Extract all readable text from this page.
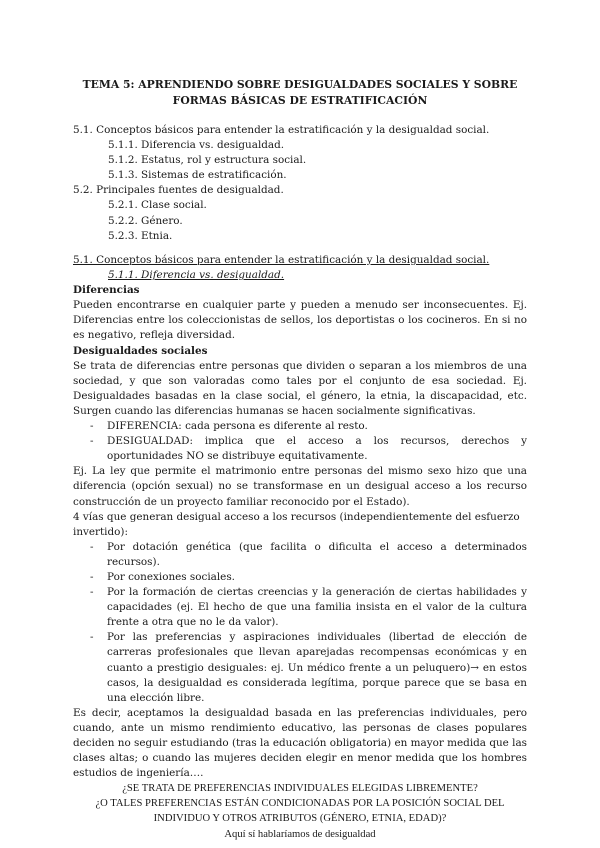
TEMA 5: APRENDIENDO SOBRE DESIGUALDADES SOCIALES Y SOBRE FORMAS BÁSICAS DE ESTRATIFICACIÓN
5.1. Conceptos básicos para entender la estratificación y la desigualdad social.
5.1.1. Diferencia vs. desigualdad.
5.1.2. Estatus, rol y estructura social.
5.1.3. Sistemas de estratificación.
5.2. Principales fuentes de desigualdad.
5.2.1. Clase social.
5.2.2. Género.
5.2.3. Etnia.
5.1. Conceptos básicos para entender la estratificación y la desigualdad social.
5.1.1. Diferencia vs. desigualdad.
Diferencias
Pueden encontrarse en cualquier parte y pueden a menudo ser inconsecuentes. Ej. Diferencias entre los coleccionistas de sellos, los deportistas o los cocineros. En si no es negativo, refleja diversidad.
Desigualdades sociales
Se trata de diferencias entre personas que dividen o separan a los miembros de una sociedad, y que son valoradas como tales por el conjunto de esa sociedad. Ej. Desigualdades basadas en la clase social, el género, la etnia, la discapacidad, etc. Surgen cuando las diferencias humanas se hacen socialmente significativas.
- DIFERENCIA: cada persona es diferente al resto.
- DESIGUALDAD: implica que el acceso a los recursos, derechos y oportunidades NO se distribuye equitativamente.
Ej. La ley que permite el matrimonio entre personas del mismo sexo hizo que una diferencia (opción sexual) no se transformase en un desigual acceso a los recurso construcción de un proyecto familiar reconocido por el Estado).
4 vías que generan desigual acceso a los recursos (independientemente del esfuerzo invertido):
- Por dotación genética (que facilita o dificulta el acceso a determinados recursos).
- Por conexiones sociales.
- Por la formación de ciertas creencias y la generación de ciertas habilidades y capacidades (ej. El hecho de que una familia insista en el valor de la cultura frente a otra que no le da valor).
- Por las preferencias y aspiraciones individuales (libertad de elección de carreras profesionales que llevan aparejadas recompensas económicas y en cuanto a prestigio desiguales: ej. Un médico frente a un peluquero)→ en estos casos, la desigualdad es considerada legítima, porque parece que se basa en una elección libre.
Es decir, aceptamos la desigualdad basada en las preferencias individuales, pero cuando, ante un mismo rendimiento educativo, las personas de clases populares deciden no seguir estudiando (tras la educación obligatoria) en mayor medida que las clases altas; o cuando las mujeres deciden elegir en menor medida que los hombres estudios de ingeniería….
¿SE TRATA DE PREFERENCIAS INDIVIDUALES ELEGIDAS LIBREMENTE?
¿O TALES PREFERENCIAS ESTÁN CONDICIONADAS POR LA POSICIÓN SOCIAL DEL INDIVIDUO Y OTROS ATRIBUTOS (GÉNERO, ETNIA, EDAD)?
Aquí sí hablaríamos de desigualdad
